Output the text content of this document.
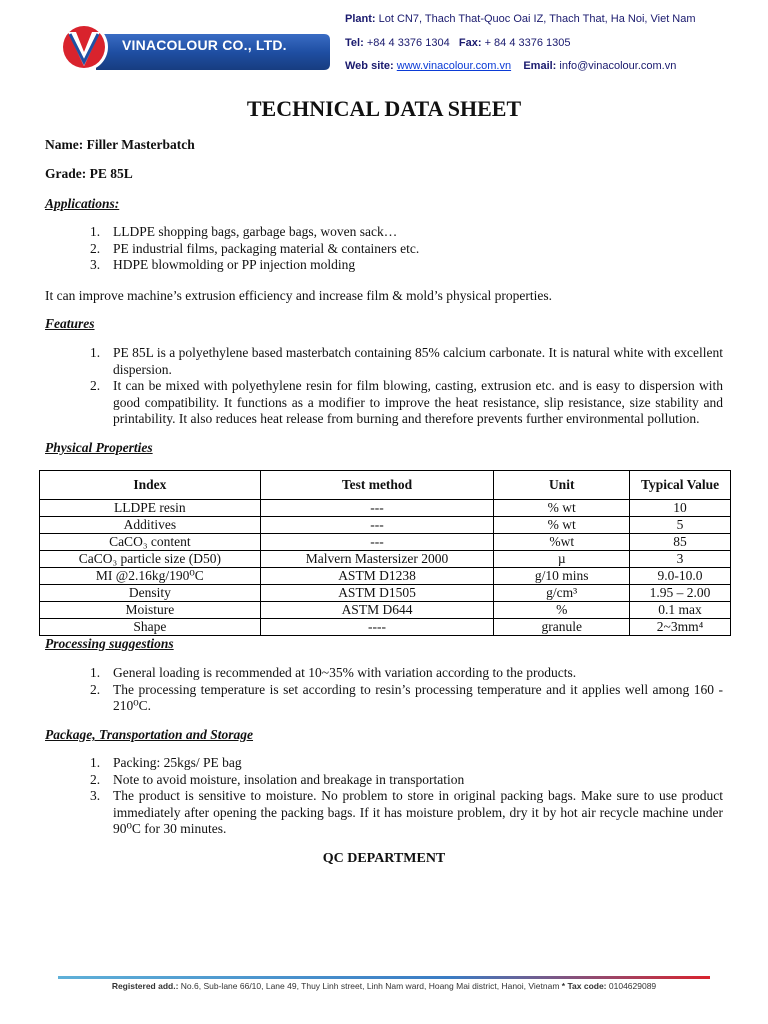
VINACOLOUR CO., LTD.
Plant: Lot CN7, Thach That-Quoc Oai IZ, Thach That, Ha Noi, Viet Nam
Tel: +84 4 3376 1304 Fax: + 84 4 3376 1305
Web site: www.vinacolour.com.vn Email: info@vinacolour.com.vn
TECHNICAL DATA SHEET
Name: Filler Masterbatch
Grade: PE 85L
Applications:
1. LLDPE shopping bags, garbage bags, woven sack…
2. PE industrial films, packaging material & containers etc.
3. HDPE blowmolding or PP injection molding
It can improve machine’s extrusion efficiency and increase film & mold’s physical properties.
Features
1. PE 85L is a polyethylene based masterbatch containing 85% calcium carbonate. It is natural white with excellent dispersion.
2. It can be mixed with polyethylene resin for film blowing, casting, extrusion etc. and is easy to dispersion with good compatibility. It functions as a modifier to improve the heat resistance, slip resistance, size stability and printability. It also reduces heat release from burning and therefore prevents further environmental pollution.
Physical Properties
Index	Test method	Unit	Typical Value
LLDPE resin	---	% wt	10
Additives	---	% wt	5
CaCO₃ content	---	%wt	85
CaCO₃ particle size (D50)	Malvern Mastersizer 2000	µ	3
MI @2.16kg/190⁰C	ASTM D1238	g/10 mins	9.0-10.0
Density	ASTM D1505	g/cm³	1.95 – 2.00
Moisture	ASTM D644	%	0.1 max
Shape	----	granule	2~3mm⁴
Processing suggestions
1. General loading is recommended at 10~35% with variation according to the products.
2. The processing temperature is set according to resin’s processing temperature and it applies well among 160 - 210⁰C.
Package, Transportation and Storage
1. Packing: 25kgs/ PE bag
2. Note to avoid moisture, insolation and breakage in transportation
3. The product is sensitive to moisture. No problem to store in original packing bags. Make sure to use product immediately after opening the packing bags. If it has moisture problem, dry it by hot air recycle machine under 90⁰C for 30 minutes.
QC DEPARTMENT
Registered add.: No.6, Sub-lane 66/10, Lane 49, Thuy Linh street, Linh Nam ward, Hoang Mai district, Hanoi, Vietnam * Tax code: 0104629089
